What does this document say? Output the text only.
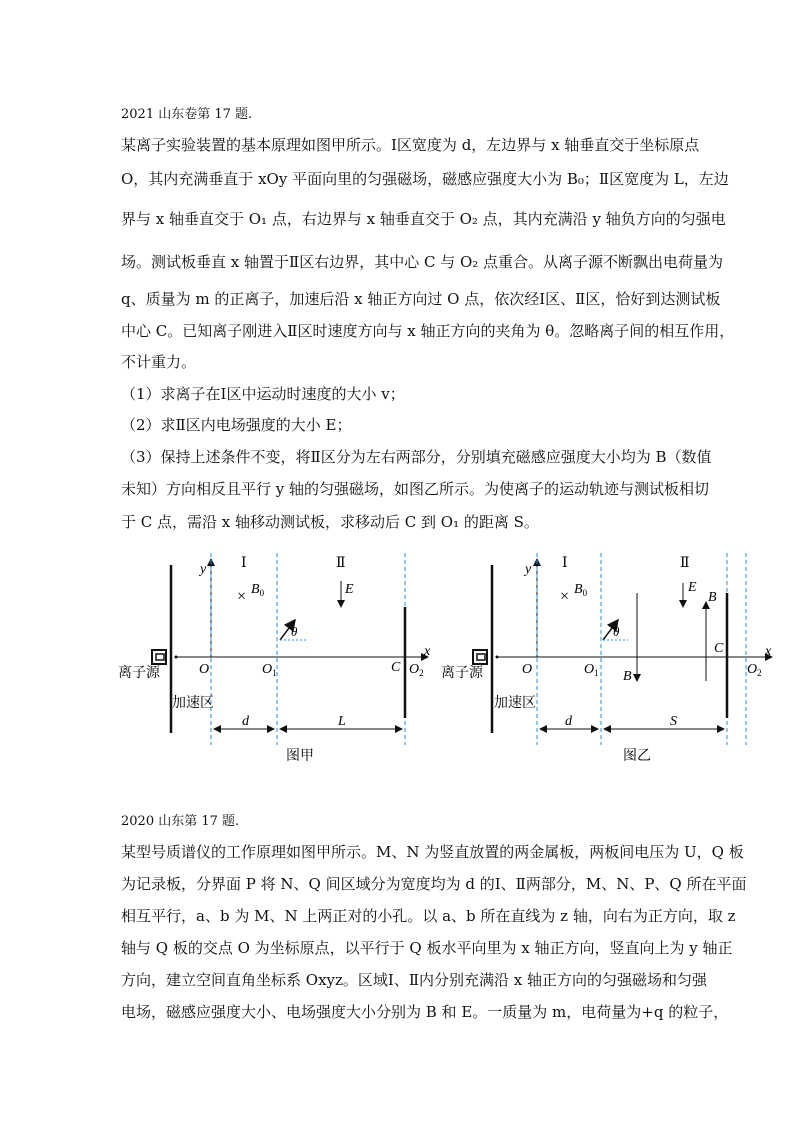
2021 山东卷第 17 题.
某离子实验装置的基本原理如图甲所示。Ⅰ区宽度为 d，左边界与 x 轴垂直交于坐标原点
O，其内充满垂直于 xOy 平面向里的匀强磁场，磁感应强度大小为 B₀；Ⅱ区宽度为 L，左边
界与 x 轴垂直交于 O₁ 点，右边界与 x 轴垂直交于 O₂ 点，其内充满沿 y 轴负方向的匀强电
场。测试板垂直 x 轴置于Ⅱ区右边界，其中心 C 与 O₂ 点重合。从离子源不断飘出电荷量为
q、质量为 m 的正离子，加速后沿 x 轴正方向过 O 点，依次经Ⅰ区、Ⅱ区，恰好到达测试板
中心 C。已知离子刚进入Ⅱ区时速度方向与 x 轴正方向的夹角为 θ。忽略离子间的相互作用，
不计重力。
（1）求离子在Ⅰ区中运动时速度的大小 v；
（2）求Ⅱ区内电场强度的大小 E；
（3）保持上述条件不变，将Ⅱ区分为左右两部分，分别填充磁感应强度大小均为 B（数值
未知）方向相反且平行 y 轴的匀强磁场，如图乙所示。为使离子的运动轨迹与测试板相切
于 C 点，需沿 x 轴移动测试板，求移动后 C 到 O₁ 的距离 S。
Ⅰ	Ⅱ
y
× $B_0$	E
θ
O	$O_1$	C $O_2$
x
离子源
加速区
d	L
图甲
Ⅰ	Ⅱ
y
× $B_0$	E
B
B
θ
O	$O_1$
C
$O_2$
x
离子源
加速区
d	S
图乙
2020 山东第 17 题.
某型号质谱仪的工作原理如图甲所示。M、N 为竖直放置的两金属板，两板间电压为 U，Q 板
为记录板，分界面 P 将 N、Q 间区域分为宽度均为 d 的Ⅰ、Ⅱ两部分，M、N、P、Q 所在平面
相互平行，a、b 为 M、N 上两正对的小孔。以 a、b 所在直线为 z 轴，向右为正方向，取 z
轴与 Q 板的交点 O 为坐标原点，以平行于 Q 板水平向里为 x 轴正方向，竖直向上为 y 轴正
方向，建立空间直角坐标系 Oxyz。区域Ⅰ、Ⅱ内分别充满沿 x 轴正方向的匀强磁场和匀强
电场，磁感应强度大小、电场强度大小分别为 B 和 E。一质量为 m，电荷量为+q 的粒子，
